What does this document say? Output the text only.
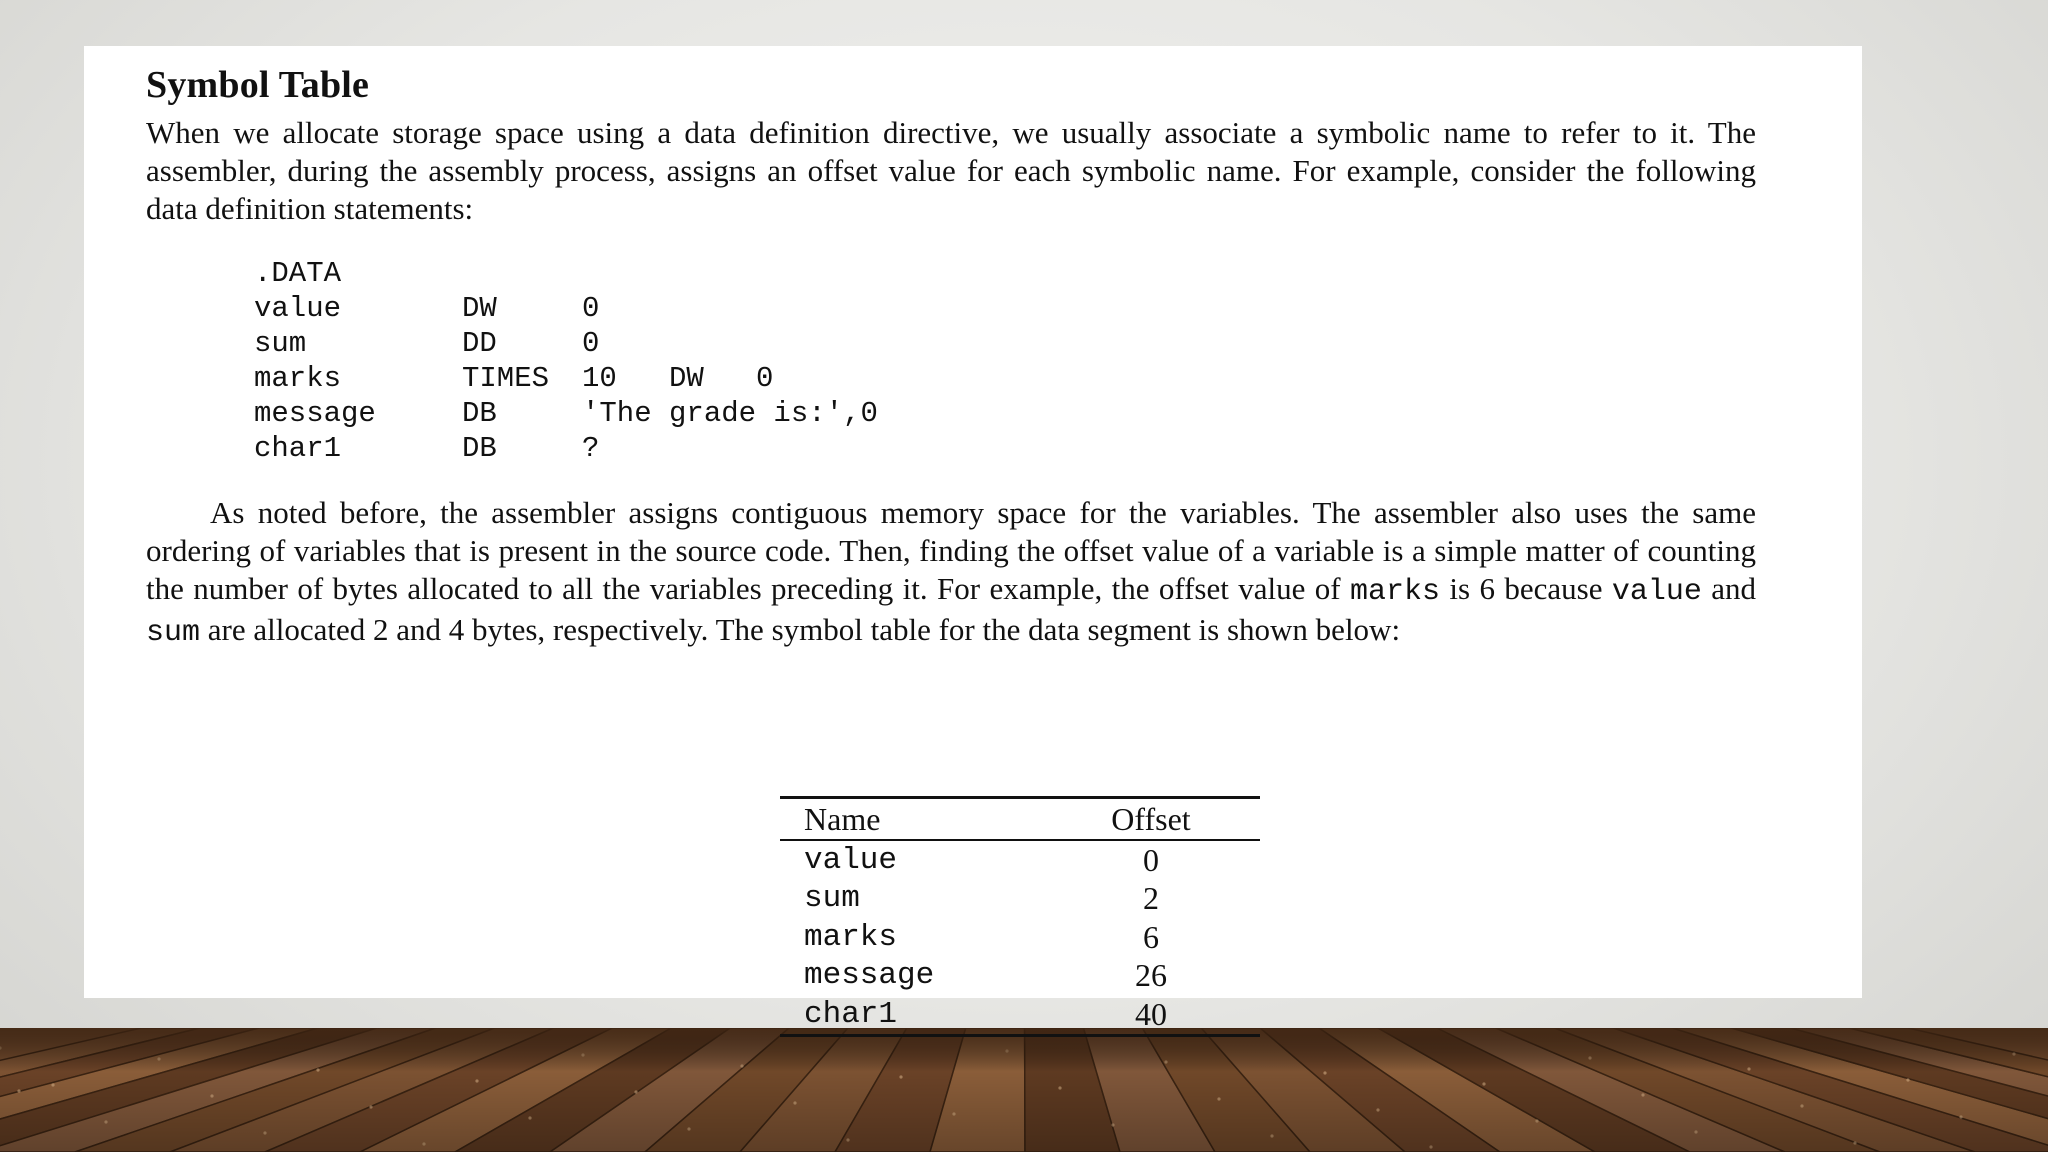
Symbol Table

When we allocate storage space using a data definition directive, we usually associate a symbolic name to refer to it. The assembler, during the assembly process, assigns an offset value for each symbolic name. For example, consider the following data definition statements:

.DATA
value	DW	0
sum	DD	0
marks	TIMES	10   DW   0
message	DB	'The grade is:',0
char1	DB	?

As noted before, the assembler assigns contiguous memory space for the variables. The assembler also uses the same ordering of variables that is present in the source code. Then, finding the offset value of a variable is a simple matter of counting the number of bytes allocated to all the variables preceding it. For example, the offset value of marks is 6 because value and sum are allocated 2 and 4 bytes, respectively. The symbol table for the data segment is shown below:

Name	Offset
value	0
sum	2
marks	6
message	26
char1	40
